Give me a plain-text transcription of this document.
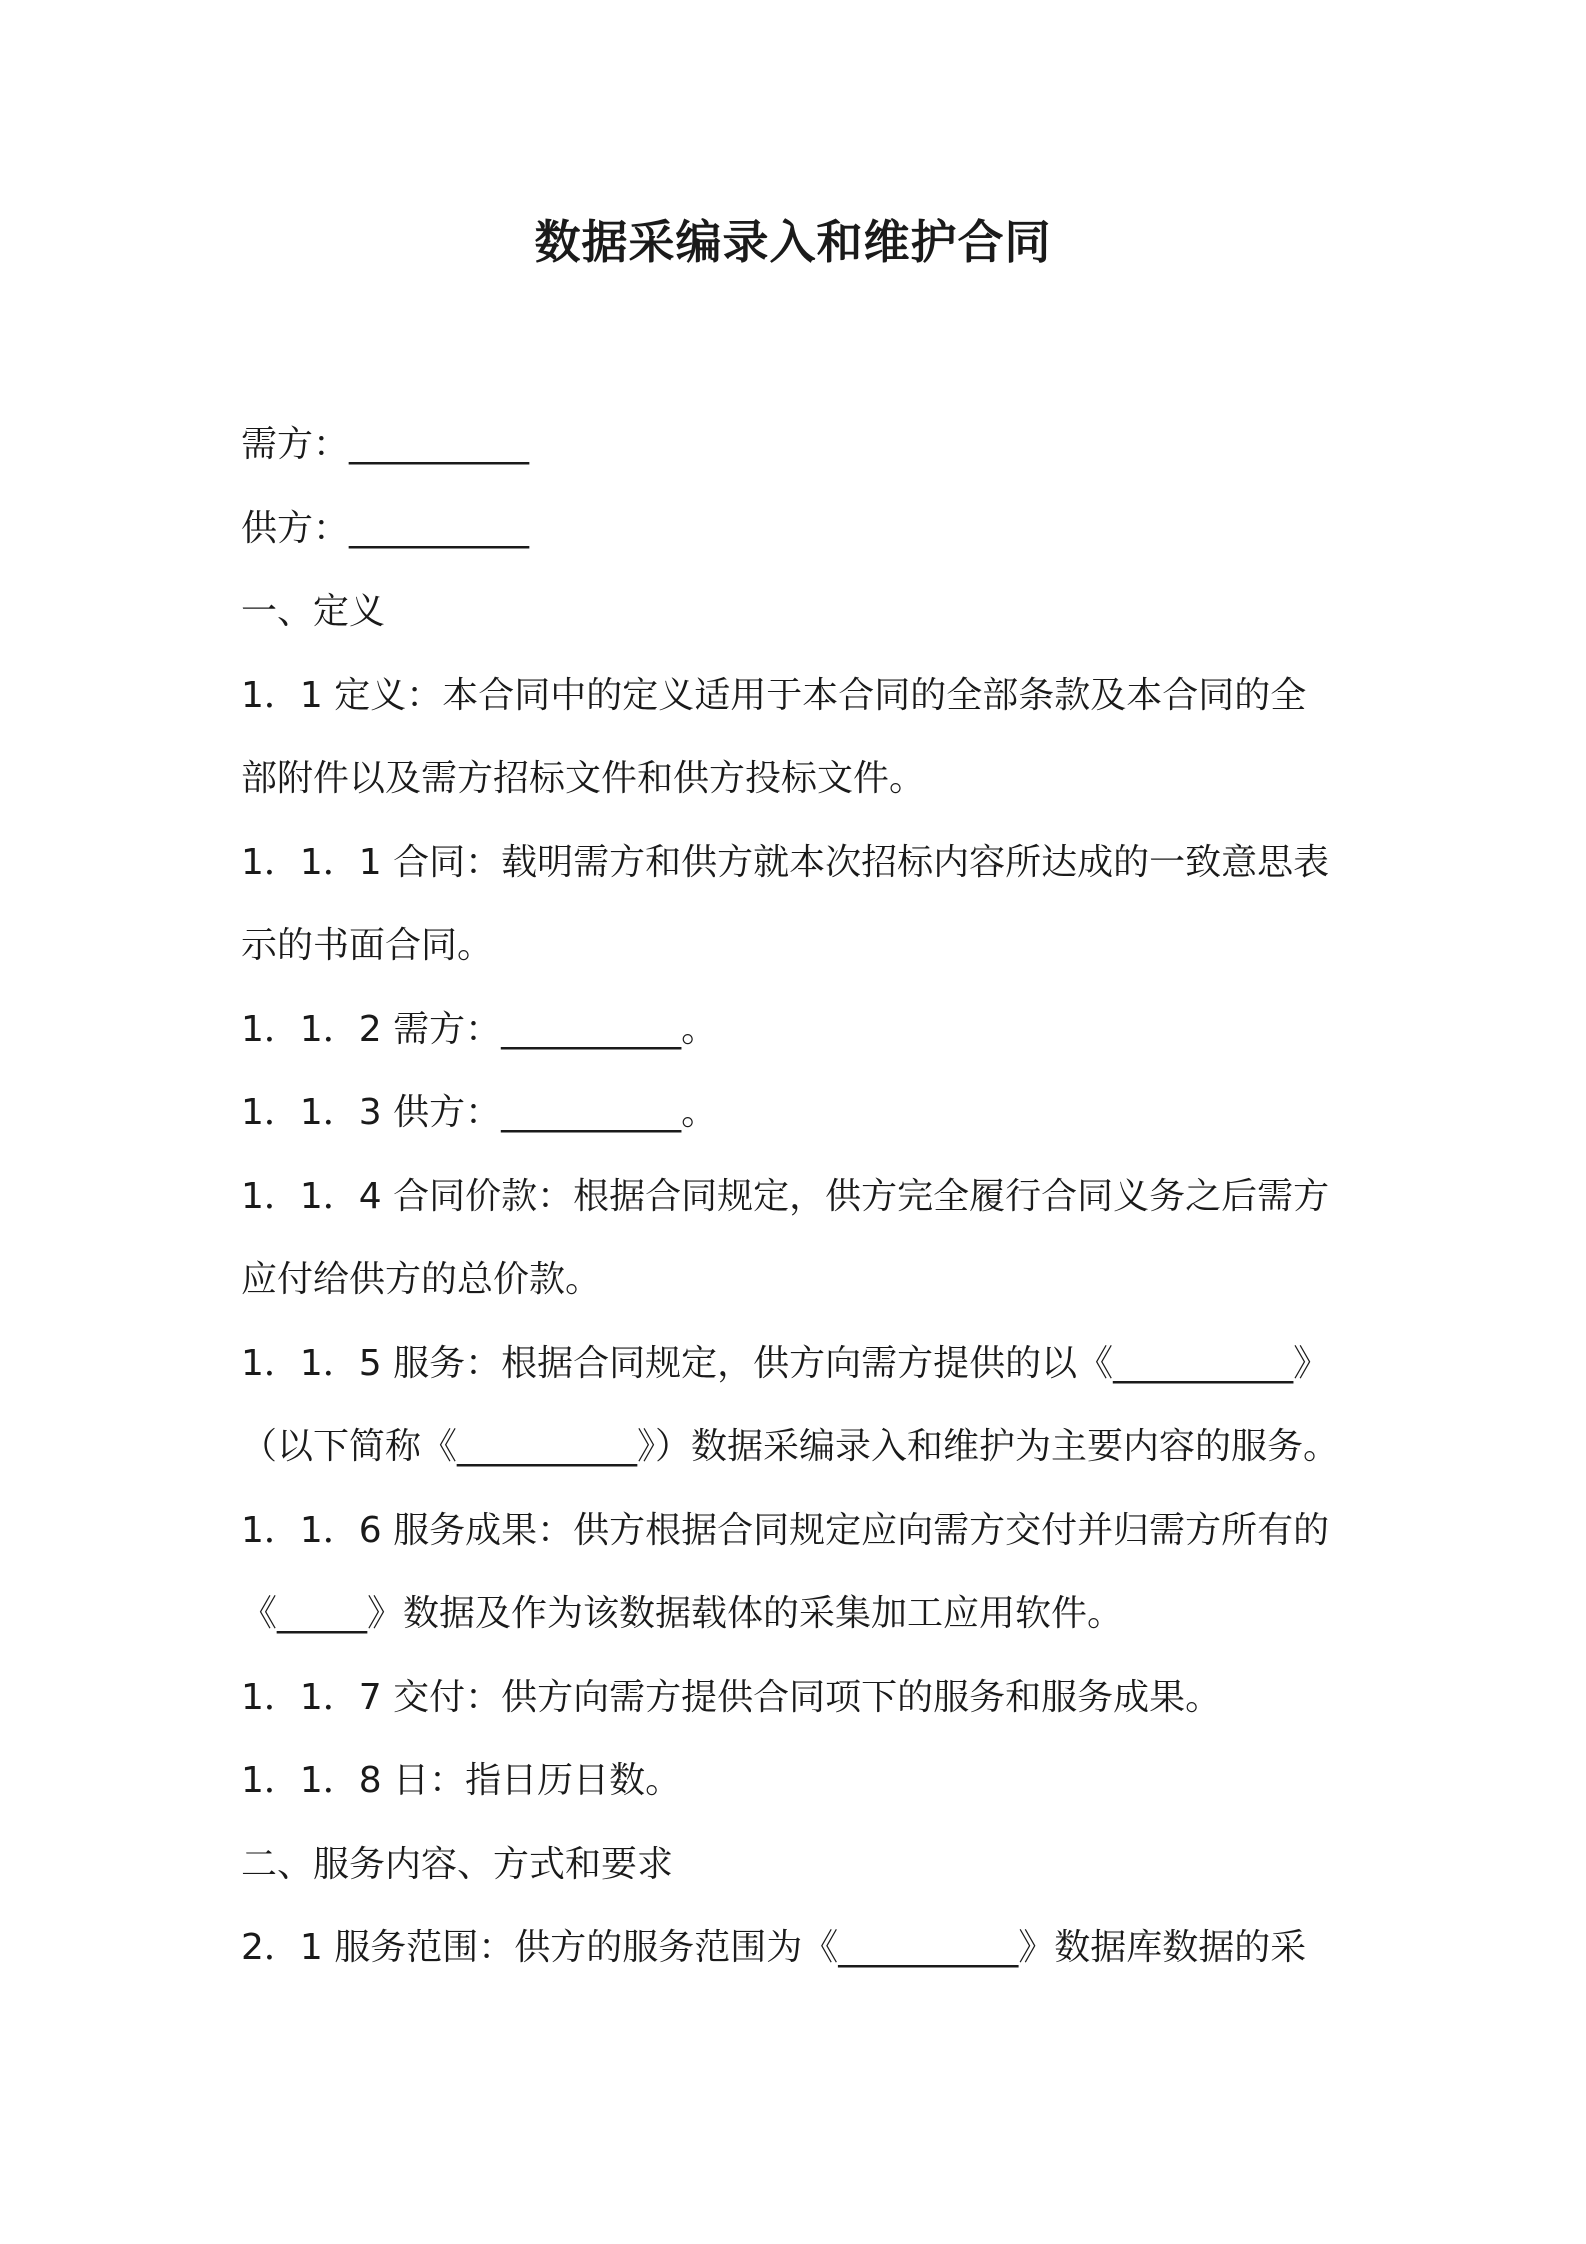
数据采编录入和维护合同

需方：__________

供方：__________

一、定义

1．1 定义：本合同中的定义适用于本合同的全部条款及本合同的全

部附件以及需方招标文件和供方投标文件。

1．1．1 合同：载明需方和供方就本次招标内容所达成的一致意思表

示的书面合同。

1．1．2 需方：__________。

1．1．3 供方：__________。

1．1．4 合同价款：根据合同规定，供方完全履行合同义务之后需方

应付给供方的总价款。

1．1．5 服务：根据合同规定，供方向需方提供的以《__________》

（以下简称《__________》）数据采编录入和维护为主要内容的服务。

1．1．6 服务成果：供方根据合同规定应向需方交付并归需方所有的

《_____》数据及作为该数据载体的采集加工应用软件。

1．1．7 交付：供方向需方提供合同项下的服务和服务成果。

1．1．8 日：指日历日数。

二、服务内容、方式和要求

2．1 服务范围：供方的服务范围为《__________》数据库数据的采
